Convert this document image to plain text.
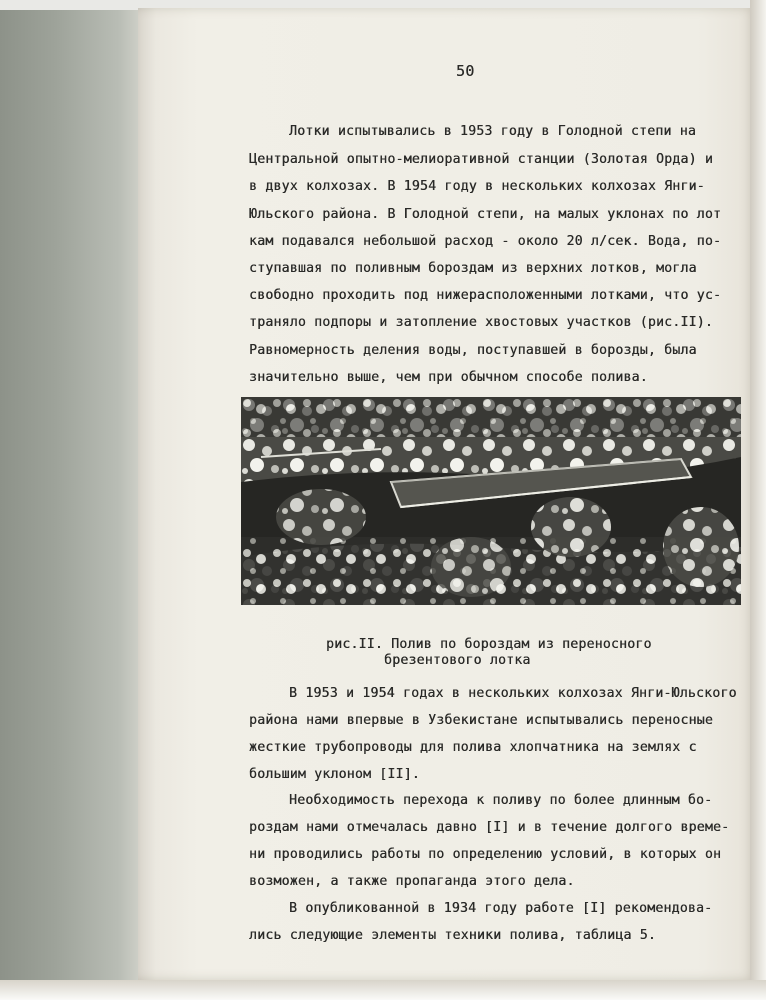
50
Лотки испытывались в 1953 году в Голодной степи на
Центральной опытно-мелиоративной станции (Золотая Орда) и
в двух колхозах. В 1954 году в нескольких колхозах Янги-
Юльского района. В Голодной степи, на малых уклонах по лот
кам подавался небольшой расход - около 20 л/сек. Вода, по-
ступавшая по поливным бороздам из верхних лотков, могла
свободно проходить под нижерасположенными лотками, что ус-
траняло подпоры и затопление хвостовых участков (рис.II).
Равномерность деления воды, поступавшей в борозды, была
значительно выше, чем при обычном способе полива.
рис.II. Полив по бороздам из переносного
брезентового лотка
В 1953 и 1954 годах в нескольких колхозах Янги-Юльского
района нами впервые в Узбекистане испытывались переносные
жесткие трубопроводы для полива хлопчатника на землях с
большим уклоном [II].
Необходимость перехода к поливу по более длинным бо-
роздам нами отмечалась давно [I] и в течение долгого време-
ни проводились работы по определению условий, в которых он
возможен, а также пропаганда этого дела.
В опубликованной в 1934 году работе [I] рекомендова-
лись следующие элементы техники полива, таблица 5.
